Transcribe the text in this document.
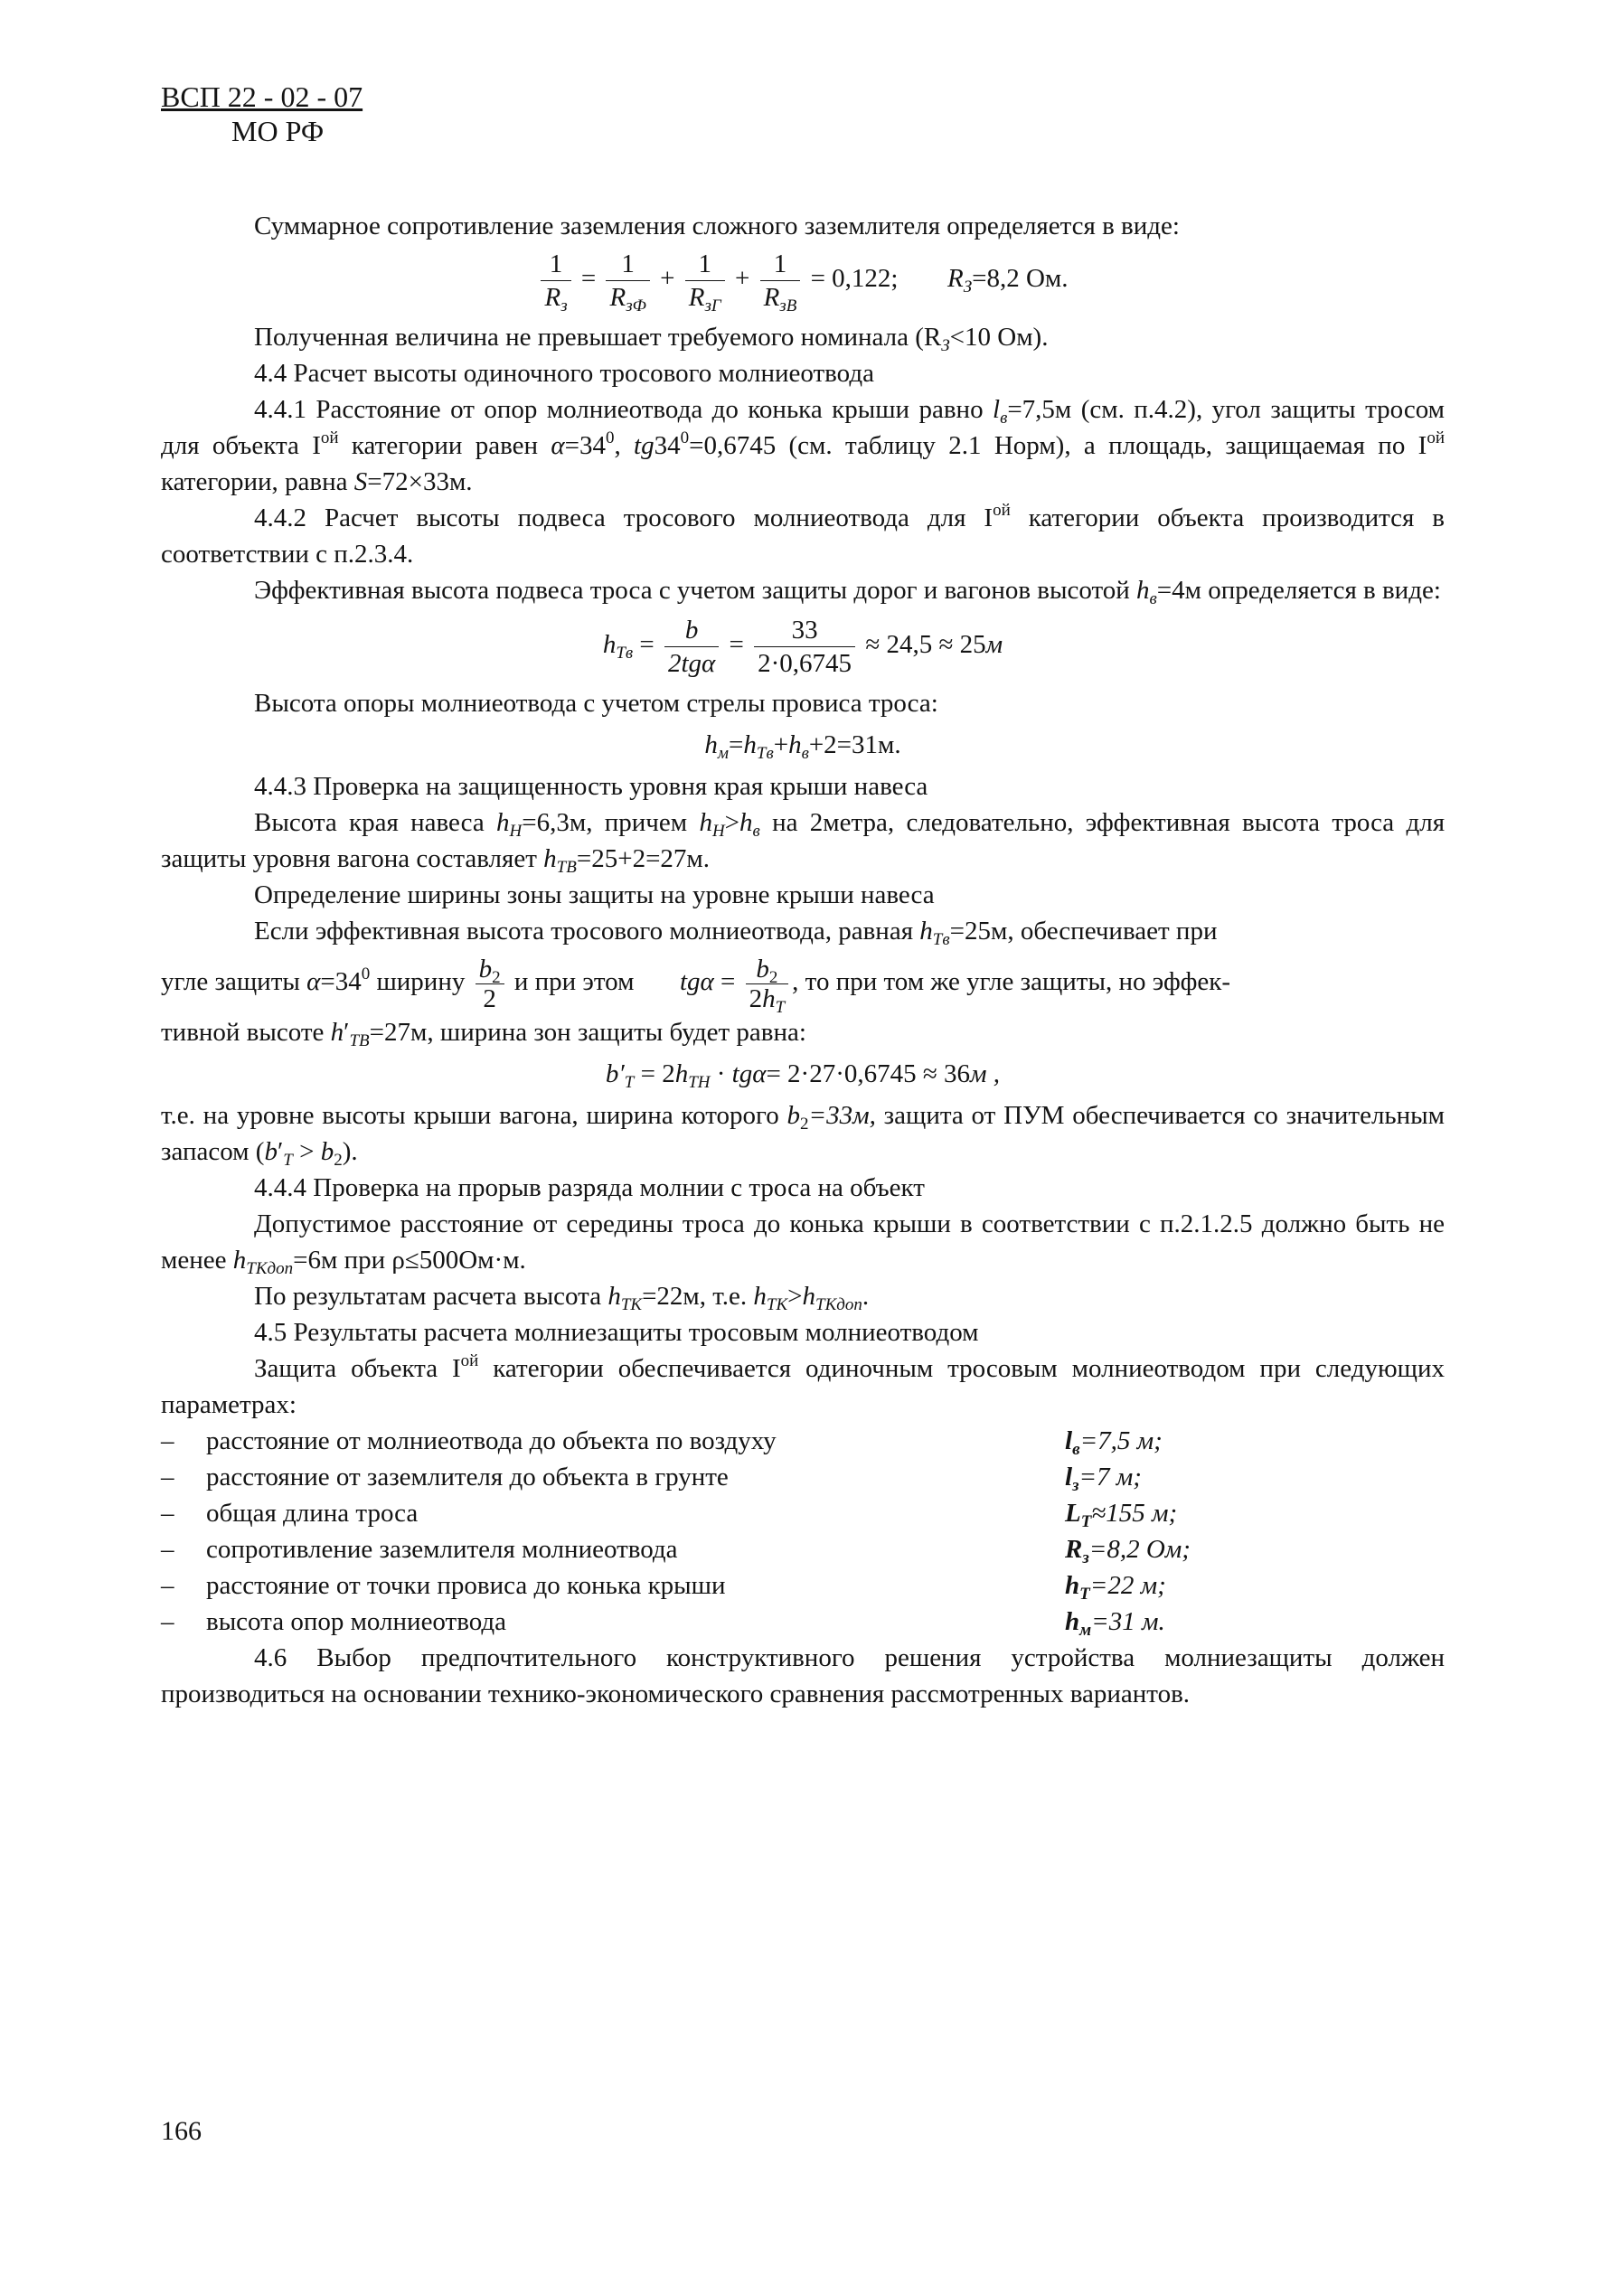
ВСП 22 - 02 - 07
МО РФ

Суммарное сопротивление заземления сложного заземлителя определяется в виде:

$\frac{1}{R_з} = \frac{1}{R_{зФ}} + \frac{1}{R_{зГ}} + \frac{1}{R_{зВ}} = 0,122$; $R_З=8,2$ Ом.

Полученная величина не превышает требуемого номинала ($R_З<10$ Ом).

4.4 Расчет высоты одиночного тросового молниеотвода

4.4.1 Расстояние от опор молниеотвода до конька крыши равно $l_в=7,5м$ (см. п.4.2), угол защиты тросом для объекта $I^{ой}$ категории равен $\alpha=34^0$, $tg34^0=0,6745$ (см. таблицу 2.1 Норм), а площадь, защищаемая по $I^{ой}$ категории, равна S=72×33м.

4.4.2 Расчет высоты подвеса тросового молниеотвода для $I^{ой}$ категории объекта производится в соответствии с п.2.3.4.

Эффективная высота подвеса троса с учетом защиты дорог и вагонов высотой $h_в=4м$ определяется в виде:

$h_{Tв} = \frac{b}{\text{2tgα}} = \frac{33}{2\cdot 0,6745} \approx 24,5 \approx 25м$

Высота опоры молниеотвода с учетом стрелы провиса троса:

$h_м=h_{Tв}+h_в+2=31м$.

4.4.3 Проверка на защищенность уровня края крыши навеса

Высота края навеса $h_H=6,3м$, причем $h_H>h_в$ на 2метра, следовательно, эффективная высота троса для защиты уровня вагона составляет $h_{TB}=25+2=27м$.

Определение ширины зоны защиты на уровне крыши навеса

Если эффективная высота тросового молниеотвода, равная $h_{Tв}=25м$, обеспечивает при

угле защиты $\alpha=34^0$ ширину $\frac{b_2}{2}$ и при этом $tg\alpha = \frac{b_2}{2h_T}$ , то при том же угле защиты, но эффек-

тивной высоте $h'_{TB}=27м$, ширина зон защиты будет равна:

$b'_T = 2h_{TH} \cdot tg\alpha= 2\cdot 27\cdot 0,6745 \approx 36м$ ,

т.е. на уровне высоты крыши вагона, ширина которого $b_2=33м$, защита от ПУМ обеспечивается со значительным запасом $(b'_T > b_2)$.

4.4.4 Проверка на прорыв разряда молнии с троса на объект

Допустимое расстояние от середины троса до конька крыши в соответствии с п.2.1.2.5 должно быть не менее $h_{TKдоп}=6м$ при ρ≤500Ом·м.

По результатам расчета высота $h_{TK}=22м$, т.е. $h_{TK}>h_{TKдоп}$.

4.5 Результаты расчета молниезащиты тросовым молниеотводом

Защита объекта $I^{ой}$ категории обеспечивается одиночным тросовым молниеотводом при следующих параметрах:

– расстояние от молниеотвода до объекта по воздуху	$l_в=7,5$ м;
– расстояние от заземлителя до объекта в грунте	$l_з=7$ м;
– общая длина троса	$L_T\approx 155$ м;
– сопротивление заземлителя молниеотвода	$R_з=8,2$ Ом;
– расстояние от точки провиса до конька крыши	$h_T=22$ м;
– высота опор молниеотвода	$h_м=31$ м.

4.6 Выбор предпочтительного конструктивного решения устройства молниезащиты должен производиться на основании технико-экономического сравнения рассмотренных вариантов.

166
